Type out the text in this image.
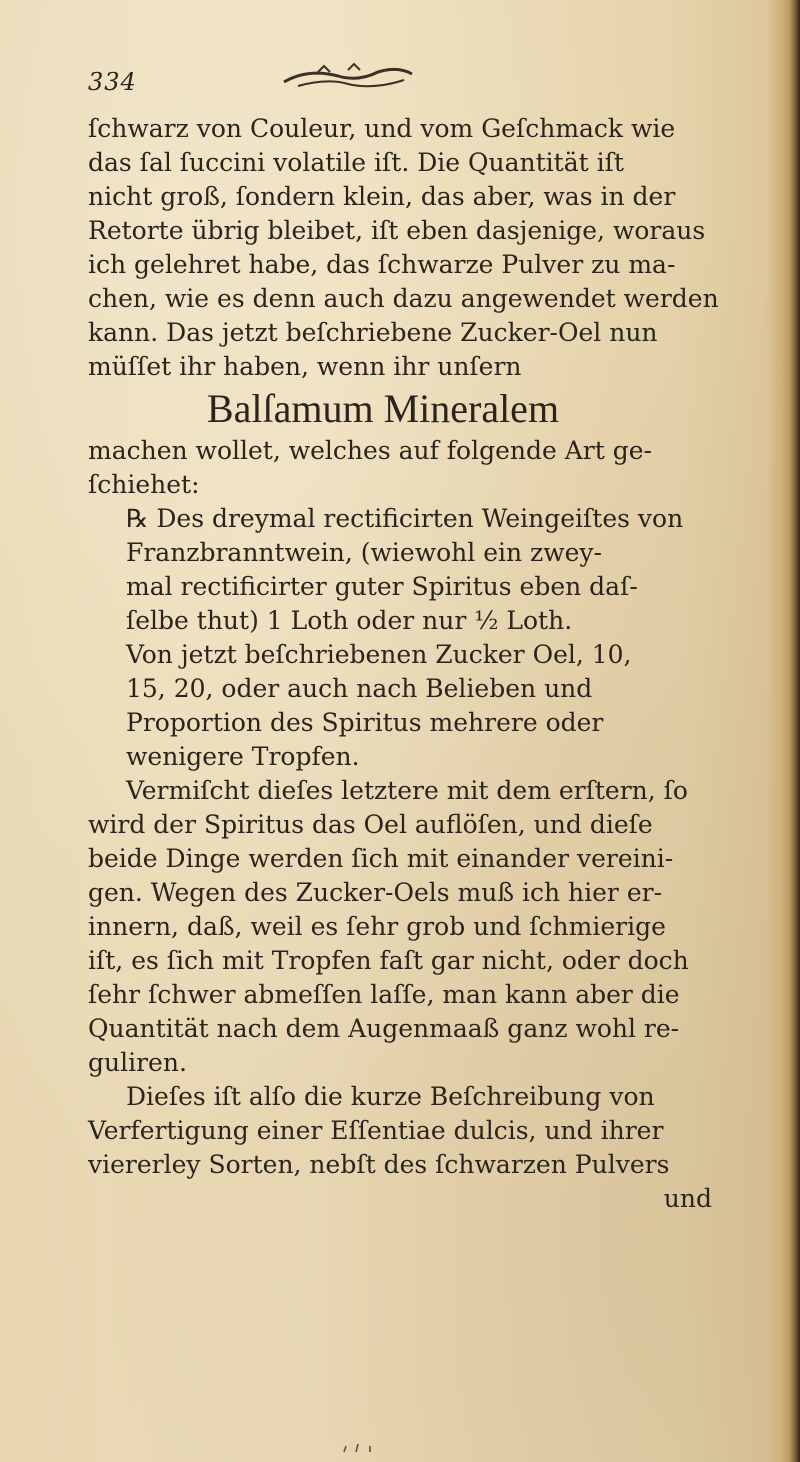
334
ſchwarz von Couleur, und vom Geſchmack wie
das ſal ſuccini volatile iſt. Die Quantität iſt
nicht groß, ſondern klein, das aber, was in der
Retorte übrig bleibet, iſt eben dasjenige, woraus
ich gelehret habe, das ſchwarze Pulver zu ma-
chen, wie es denn auch dazu angewendet werden
kann. Das jetzt beſchriebene Zucker-Oel nun
müſſet ihr haben, wenn ihr unſern
Balſamum Mineralem
machen wollet, welches auf folgende Art ge-
ſchiehet:
℞ Des dreymal rectificirten Weingeiſtes von
Franzbranntwein, (wiewohl ein zwey-
mal rectificirter guter Spiritus eben daſ-
ſelbe thut) 1 Loth oder nur ½ Loth.
Von jetzt beſchriebenen Zucker Oel, 10,
15, 20, oder auch nach Belieben und
Proportion des Spiritus mehrere oder
wenigere Tropfen.
Vermiſcht dieſes letztere mit dem erſtern, ſo
wird der Spiritus das Oel auflöſen, und dieſe
beide Dinge werden ſich mit einander vereini-
gen. Wegen des Zucker-Oels muß ich hier er-
innern, daß, weil es ſehr grob und ſchmierige
iſt, es ſich mit Tropfen faſt gar nicht, oder doch
ſehr ſchwer abmeſſen laſſe, man kann aber die
Quantität nach dem Augenmaaß ganz wohl re-
guliren.
Dieſes iſt alſo die kurze Beſchreibung von
Verfertigung einer Eſſentiae dulcis, und ihrer
viererley Sorten, nebſt des ſchwarzen Pulvers
und
